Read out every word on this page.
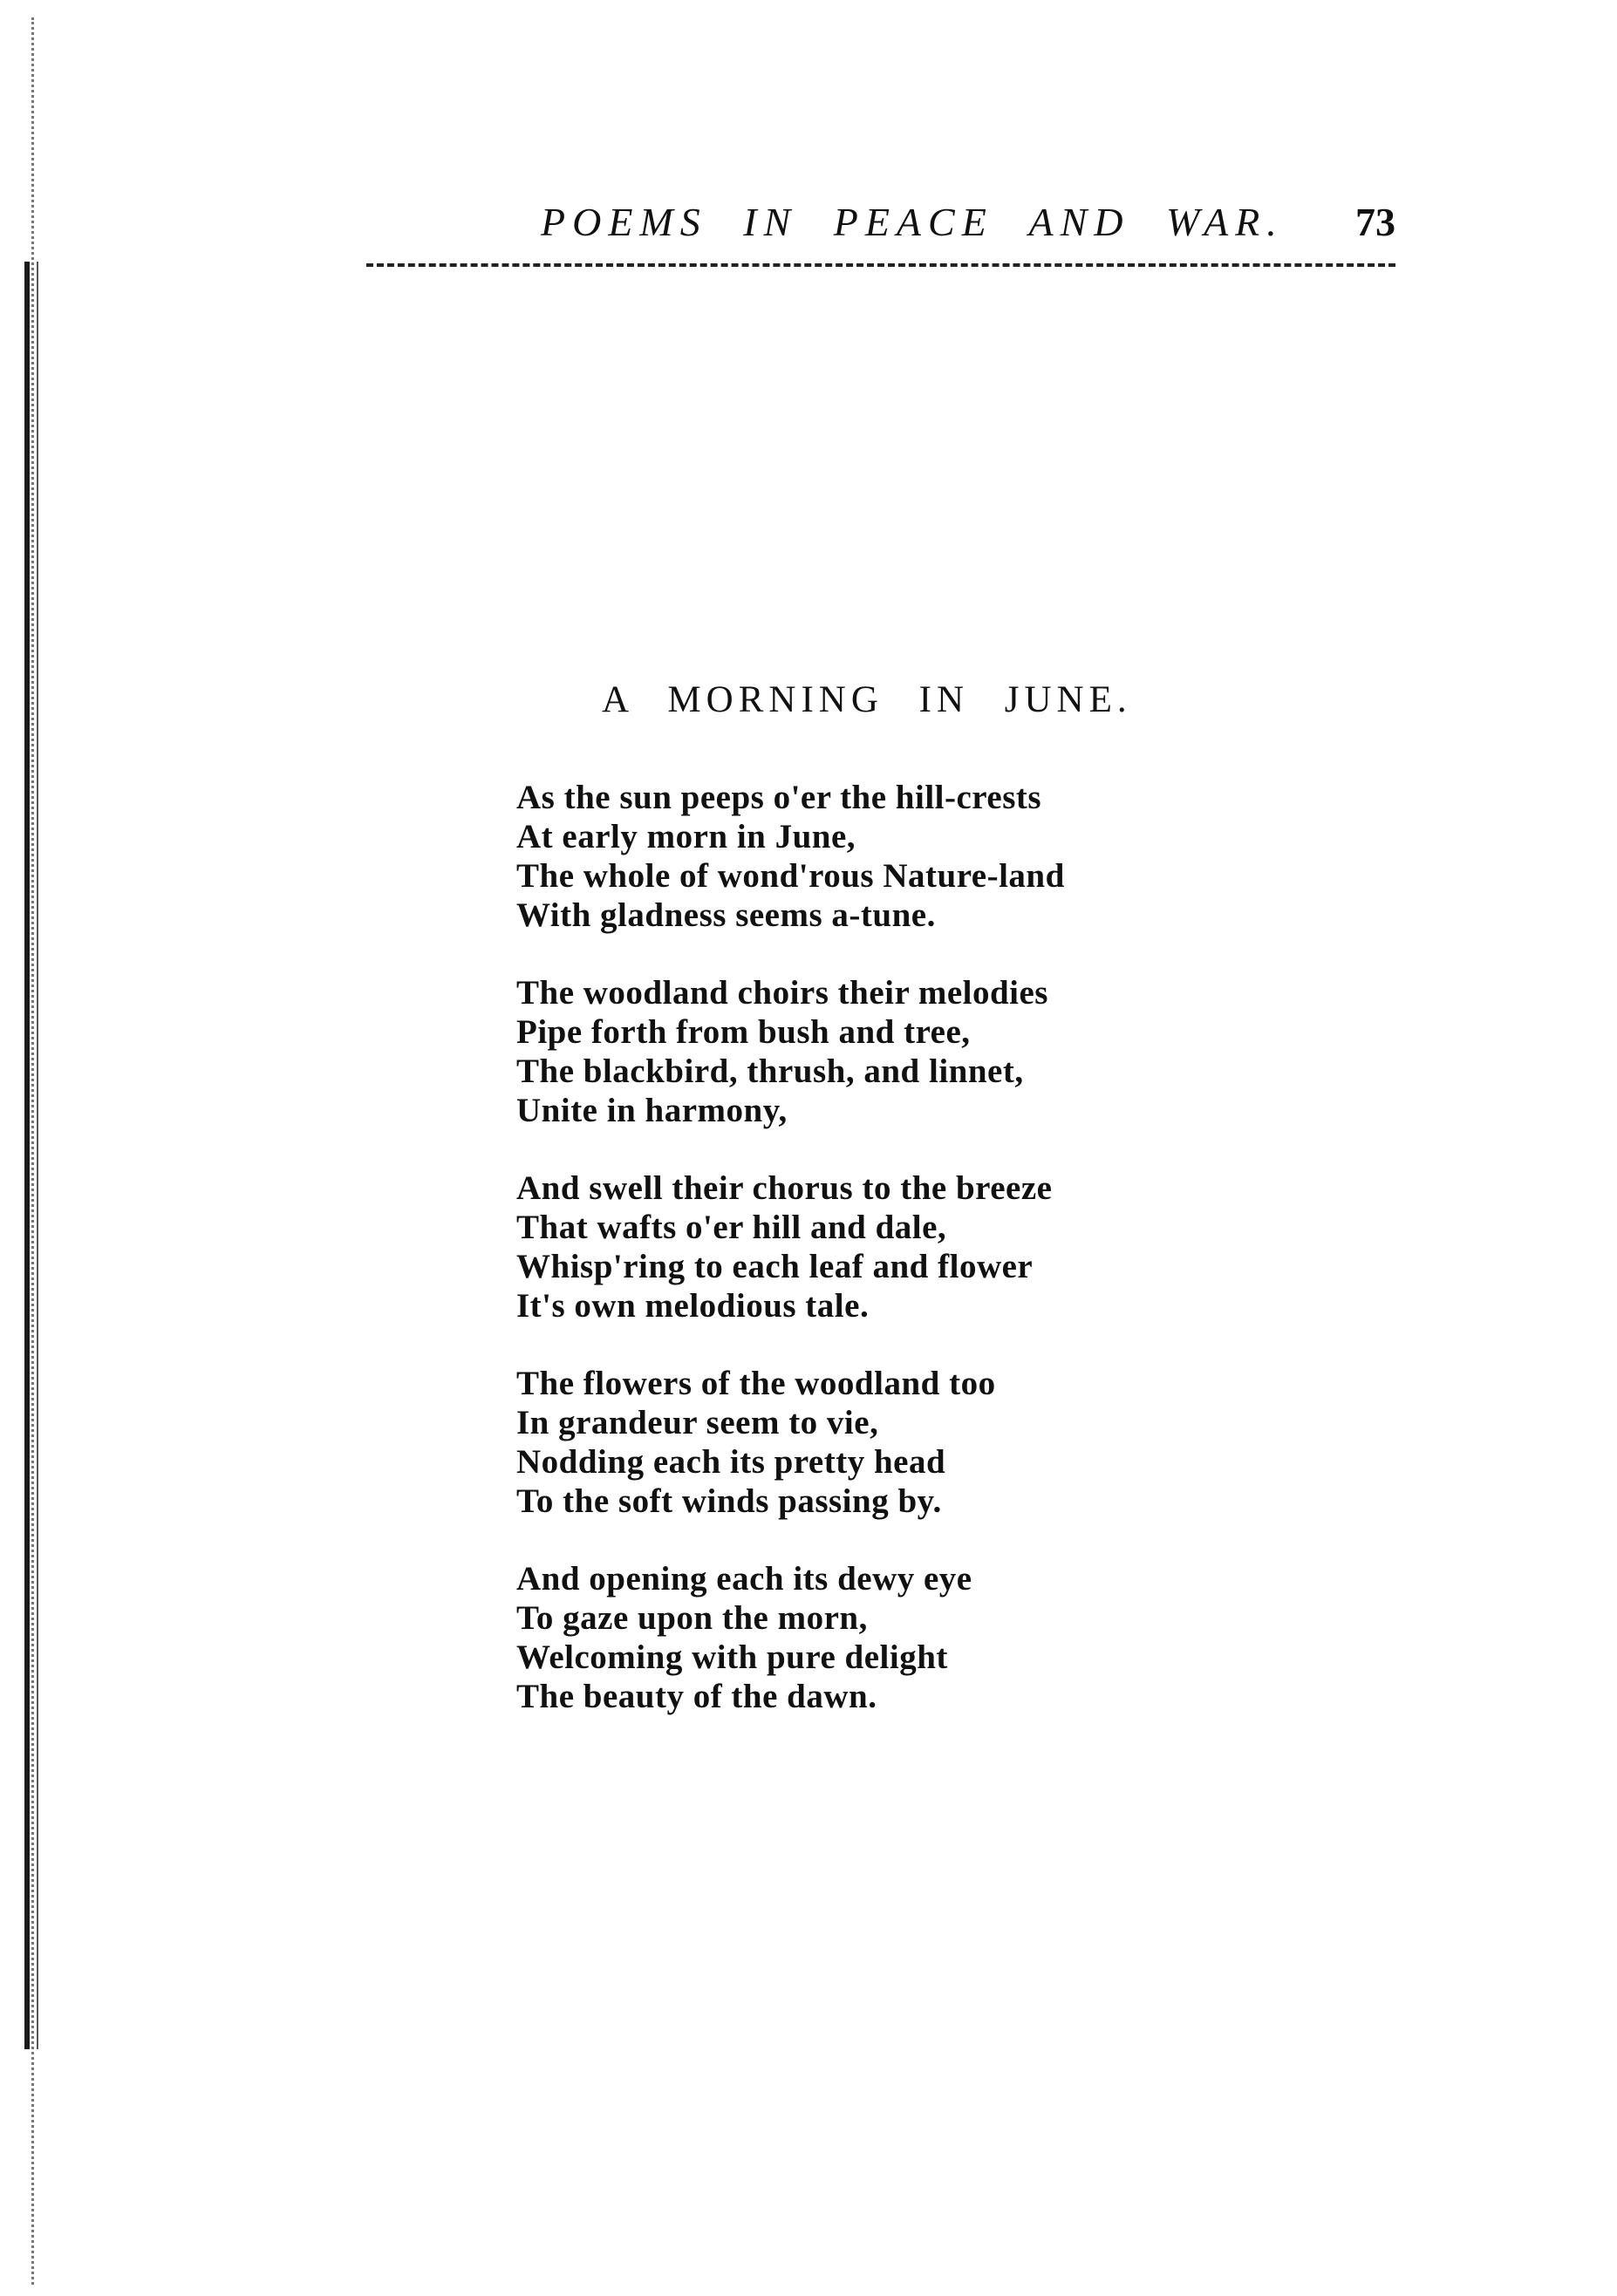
POEMS IN PEACE AND WAR. 73
A MORNING IN JUNE.
As the sun peeps o'er the hill-crests
At early morn in June,
The whole of wond'rous Nature-land
With gladness seems a-tune.
The woodland choirs their melodies
Pipe forth from bush and tree,
The blackbird, thrush, and linnet,
Unite in harmony,
And swell their chorus to the breeze
That wafts o'er hill and dale,
Whisp'ring to each leaf and flower
It's own melodious tale.
The flowers of the woodland too
In grandeur seem to vie,
Nodding each its pretty head
To the soft winds passing by.
And opening each its dewy eye
To gaze upon the morn,
Welcoming with pure delight
The beauty of the dawn.
